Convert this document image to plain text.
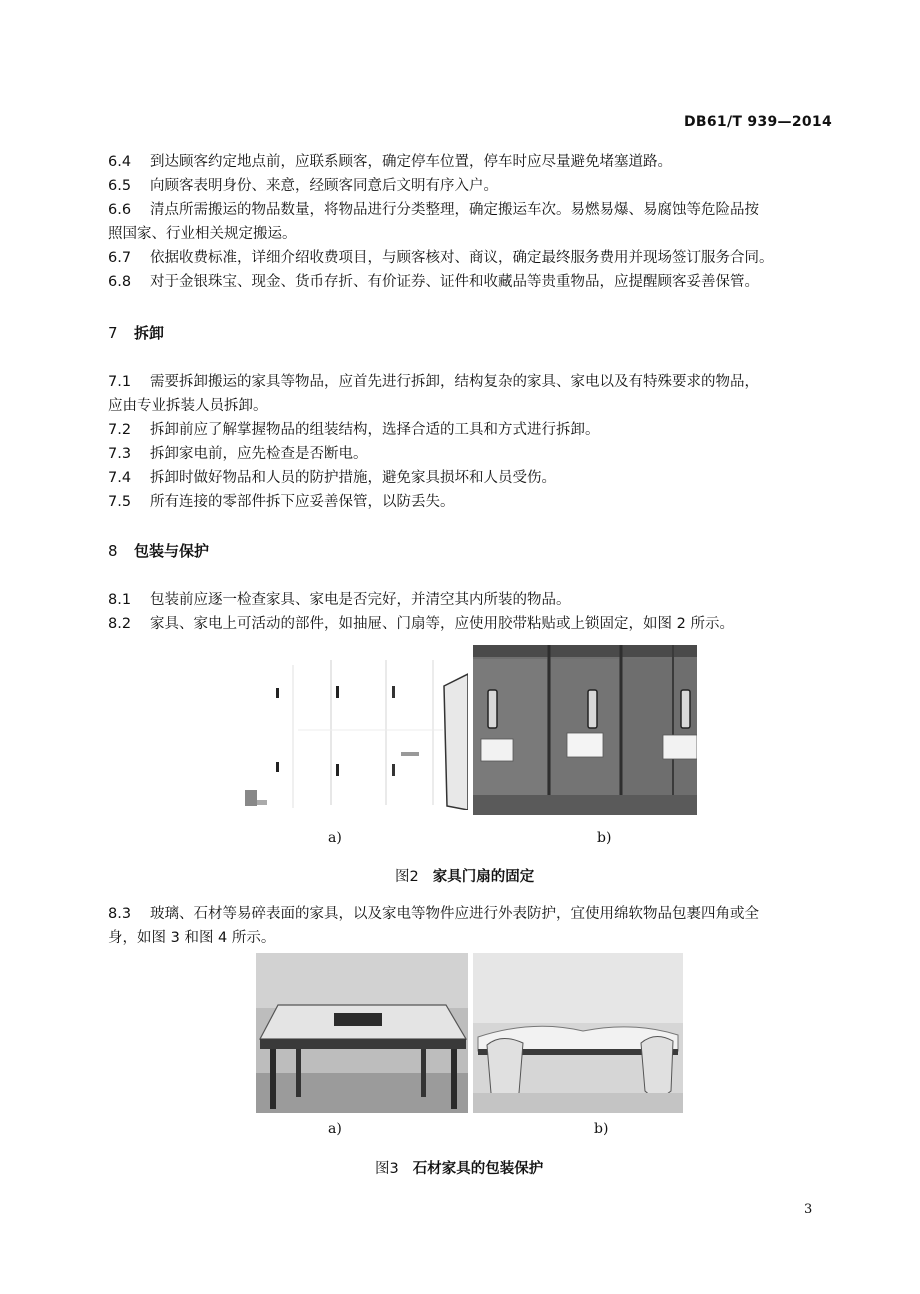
DB61/T 939—2014
6.4 到达顾客约定地点前，应联系顾客，确定停车位置，停车时应尽量避免堵塞道路。
6.5 向顾客表明身份、来意，经顾客同意后文明有序入户。
6.6 清点所需搬运的物品数量，将物品进行分类整理，确定搬运车次。易燃易爆、易腐蚀等危险品按
照国家、行业相关规定搬运。
6.7 依据收费标准，详细介绍收费项目，与顾客核对、商议，确定最终服务费用并现场签订服务合同。
6.8 对于金银珠宝、现金、货币存折、有价证券、证件和收藏品等贵重物品，应提醒顾客妥善保管。
7 拆卸
7.1 需要拆卸搬运的家具等物品，应首先进行拆卸，结构复杂的家具、家电以及有特殊要求的物品，
应由专业拆装人员拆卸。
7.2 拆卸前应了解掌握物品的组装结构，选择合适的工具和方式进行拆卸。
7.3 拆卸家电前，应先检查是否断电。
7.4 拆卸时做好物品和人员的防护措施，避免家具损坏和人员受伤。
7.5 所有连接的零部件拆下应妥善保管，以防丢失。
8 包装与保护
8.1 包装前应逐一检查家具、家电是否完好，并清空其内所装的物品。
8.2 家具、家电上可活动的部件，如抽屉、门扇等，应使用胶带粘贴或上锁固定，如图 2 所示。
a)	b)
图2 家具门扇的固定
8.3 玻璃、石材等易碎表面的家具，以及家电等物件应进行外表防护，宜使用绵软物品包裹四角或全
身，如图 3 和图 4 所示。
a)	b)
图3 石材家具的包装保护
3
